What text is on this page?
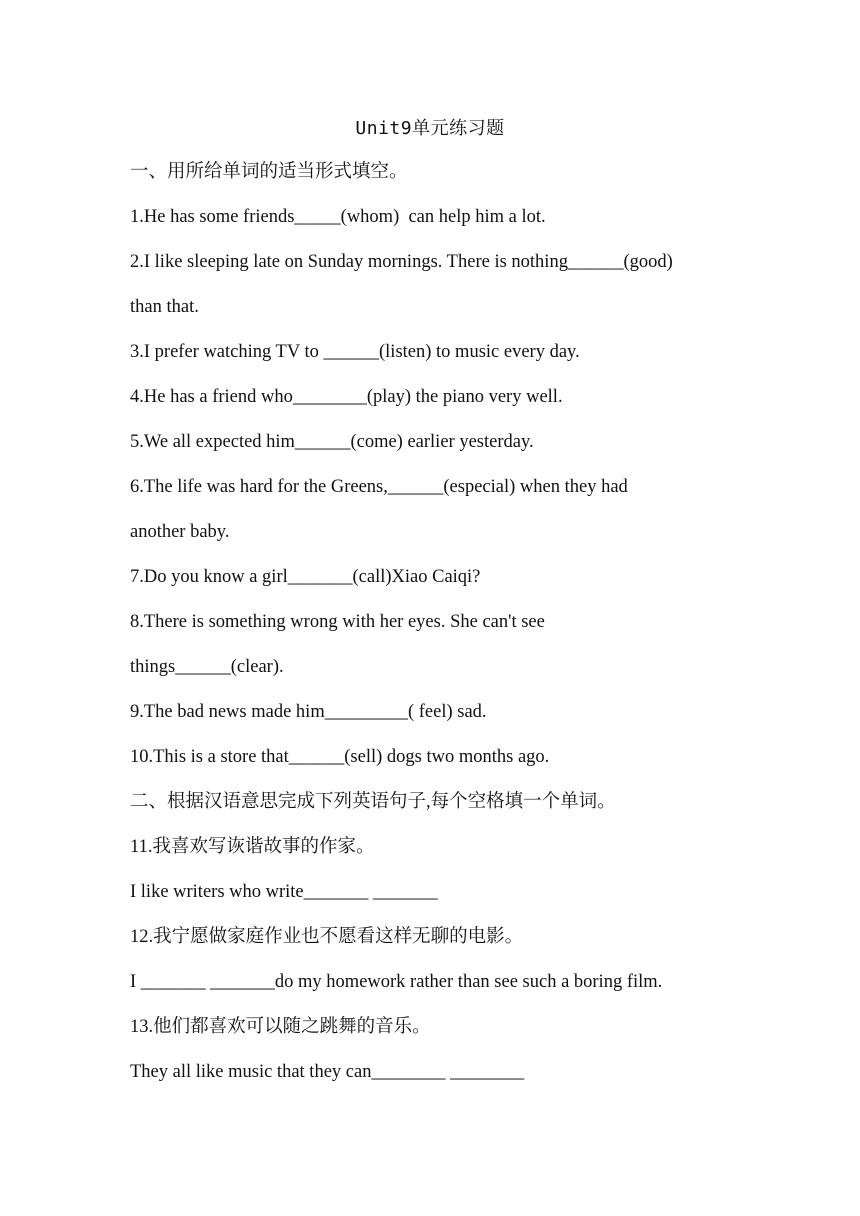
Unit9单元练习题
一、用所给单词的适当形式填空。
1.He has some friends_____(whom)  can help him a lot.
2.I like sleeping late on Sunday mornings. There is nothing______(good)
than that.
3.I prefer watching TV to ______(listen) to music every day.
4.He has a friend who________(play) the piano very well.
5.We all expected him______(come) earlier yesterday.
6.The life was hard for the Greens,______(especial) when they had
another baby.
7.Do you know a girl_______(call)Xiao Caiqi?
8.There is something wrong with her eyes. She can't see
things______(clear).
9.The bad news made him_________( feel) sad.
10.This is a store that______(sell) dogs two months ago.
二、根据汉语意思完成下列英语句子,每个空格填一个单词。
11.我喜欢写诙谐故事的作家。
I like writers who write_______ _______
12.我宁愿做家庭作业也不愿看这样无聊的电影。
I _______ _______do my homework rather than see such a boring film.
13.他们都喜欢可以随之跳舞的音乐。
They all like music that they can________ ________
